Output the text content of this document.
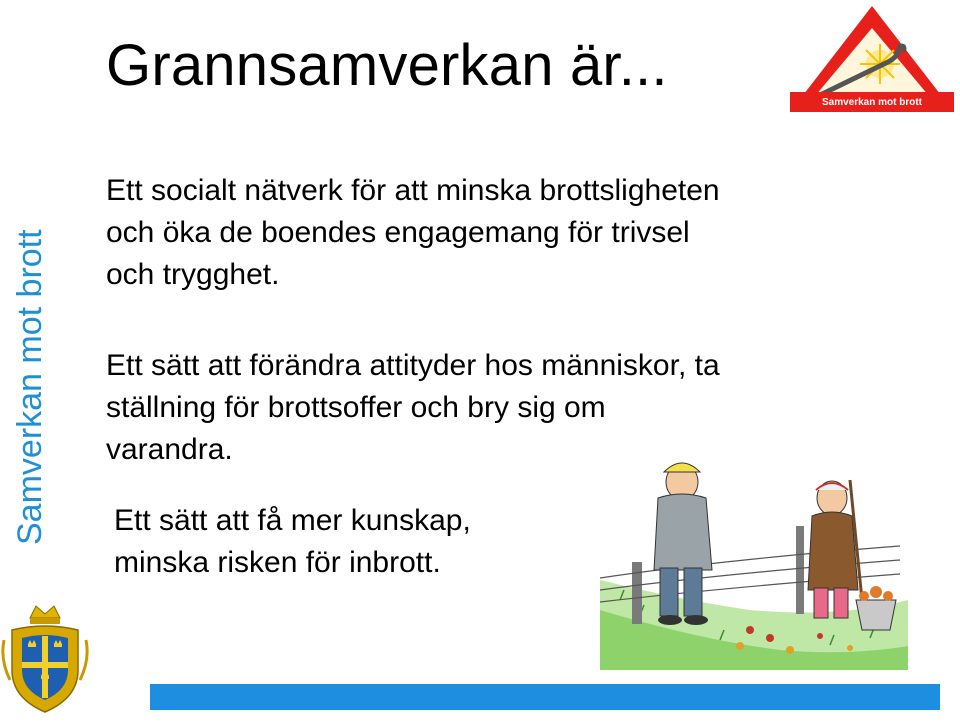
Grannsamverkan är...
Samverkan mot brott
Ett socialt nätverk för att minska brottsligheten
och öka de boendes engagemang för trivsel
och trygghet.
Ett sätt att förändra attityder hos människor, ta
ställning för brottsoffer och bry sig om
varandra.
Ett sätt att få mer kunskap,
minska risken för inbrott.
Samverkan mot brott
